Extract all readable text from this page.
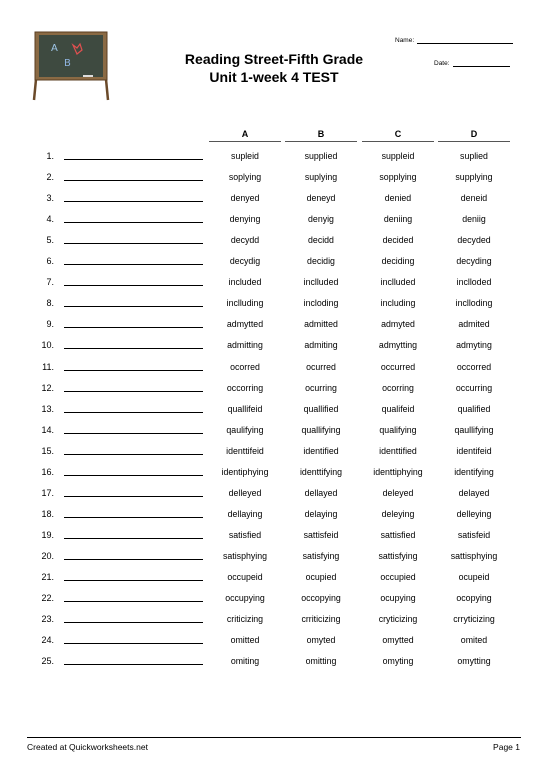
A
B	Reading Street-Fifth Grade
Unit 1-week 4 TEST
Name:
Date:
A	B	C	D
1.	supleid	supplied	suppleid	suplied
2.	soplying	suplying	sopplying	supplying
3.	denyed	deneyd	denied	deneid
4.	denying	denyig	deniing	deniig
5.	decydd	decidd	decided	decyded
6.	decydig	decidig	deciding	decyding
7.	included	inclluded	inclluded	inclloded
8.	inclluding	incloding	including	inclloding
9.	admytted	admitted	admyted	admited
10.	admitting	admiting	admytting	admyting
11.	ocorred	ocurred	occurred	occorred
12.	occorring	ocurring	ocorring	occurring
13.	quallifeid	quallified	qualifeid	qualified
14.	qaulifying	quallifying	qualifying	qaullifying
15.	identtifeid	identified	identtified	identifeid
16.	identiphying	identtifying	identtiphying	identifying
17.	delleyed	dellayed	deleyed	delayed
18.	dellaying	delaying	deleying	delleying
19.	satisfied	sattisfeid	sattisfied	satisfeid
20.	satisphying	satisfying	sattisfying	sattisphying
21.	occupeid	ocupied	occupied	ocupeid
22.	occupying	occopying	ocupying	ocopying
23.	criticizing	crriticizing	cryticizing	crryticizing
24.	omitted	omyted	omytted	omited
25.	omiting	omitting	omyting	omytting
Created at Quickworksheets.net	Page 1
